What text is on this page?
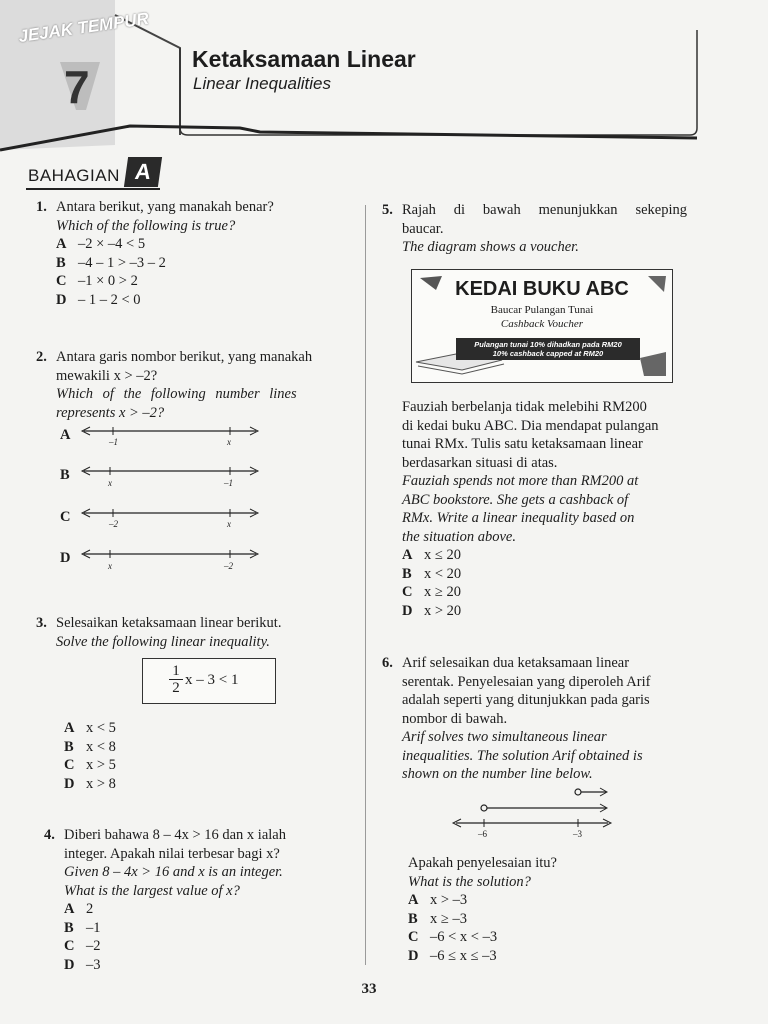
JEJAK TEMPUR
7
Ketaksamaan Linear
Linear Inequalities
BAHAGIAN A
1. Antara berikut, yang manakah benar?
Which of the following is true?
A –2 × –4 < 5
B –4 – 1 > –3 – 2
C –1 × 0 > 2
D – 1 – 2 < 0
2. Antara garis nombor berikut, yang manakah
mewakili x > –2?
Which of the following number lines
represents x > –2?
A	–1	x
B	x	–1
C	–2	x
D	x	–2
3. Selesaikan ketaksamaan linear berikut.
Solve the following linear inequality.
$\frac{1}{2}$ x – 3 < 1
A x < 5
B x < 8
C x > 5
D x > 8
4. Diberi bahawa 8 – 4x > 16 dan x ialah
integer. Apakah nilai terbesar bagi x?
Given 8 – 4x > 16 and x is an integer.
What is the largest value of x?
A 2
B –1
C –2
D –3
5. Rajah di bawah menunjukkan sekeping
baucar.
The diagram shows a voucher.
KEDAI BUKU ABC
Baucar Pulangan Tunai
Cashback Voucher
Pulangan tunai 10% dihadkan pada RM20
10% cashback capped at RM20
Fauziah berbelanja tidak melebihi RM200
di kedai buku ABC. Dia mendapat pulangan
tunai RMx. Tulis satu ketaksamaan linear
berdasarkan situasi di atas.
Fauziah spends not more than RM200 at
ABC bookstore. She gets a cashback of
RMx. Write a linear inequality based on
the situation above.
A x ≤ 20
B x < 20
C x ≥ 20
D x > 20
6. Arif selesaikan dua ketaksamaan linear
serentak. Penyelesaian yang diperoleh Arif
adalah seperti yang ditunjukkan pada garis
nombor di bawah.
Arif solves two simultaneous linear
inequalities. The solution Arif obtained is
shown on the number line below.
–6	–3
Apakah penyelesaian itu?
What is the solution?
A x > –3
B x ≥ –3
C –6 < x < –3
D –6 ≤ x ≤ –3
33
